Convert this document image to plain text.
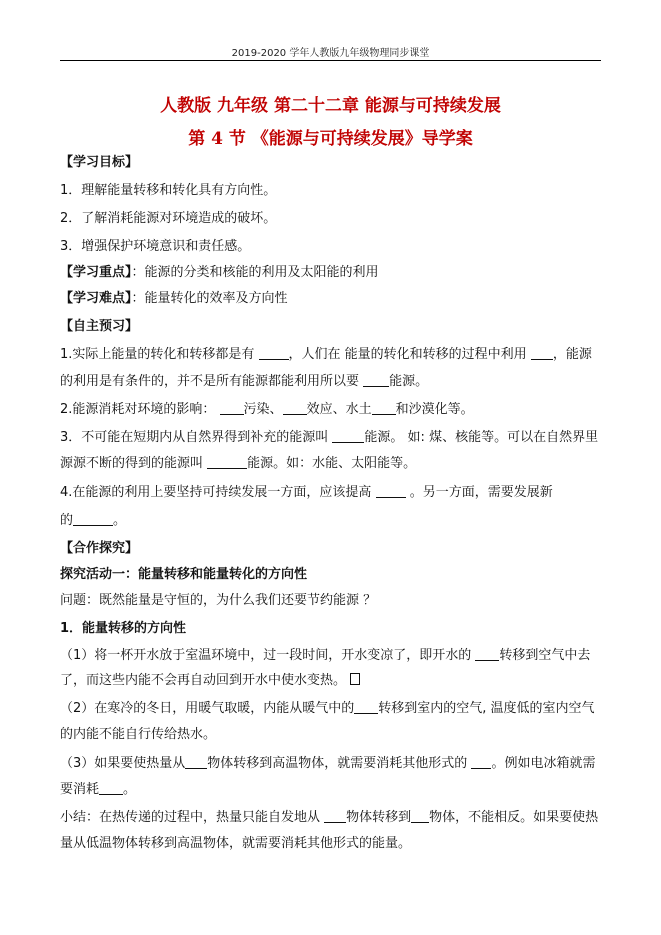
2019-2020 学年人教版九年级物理同步课堂
人教版 九年级 第二十二章 能源与可持续发展
第 4 节 《能源与可持续发展》导学案
【学习目标】
1．理解能量转移和转化具有方向性。
2．了解消耗能源对环境造成的破坏。
3．增强保护环境意识和责任感。
【学习重点】：能源的分类和核能的利用及太阳能的利用
【学习难点】：能量转化的效率及方向性
【自主预习】
1.实际上能量的转化和转移都是有	，人们在 能量的转化和转移的过程中利用 ，能源
的利用是有条件的，并不是所有能源都能利用所以要 能源。
2.能源消耗对环境的影响： 污染、 效应、水土 和沙漠化等。
3．不可能在短期内从自然界得到补充的能源叫	能源。 如: 煤、核能等。可以在自然界里
源源不断的得到的能源叫	能源。如：水能、太阳能等。
4.在能源的利用上要坚持可持续发展一方面，应该提高	。另一方面，需要发展新
的	。
【合作探究】
探究活动一：能量转移和能量转化的方向性
问题：既然能量是守恒的，为什么我们还要节约能源 ？
1．能量转移的方向性
（1）将一杯开水放于室温环境中，过一段时间，开水变凉了，即开水的 转移到空气中去
了，而这些内能不会再自动回到开水中使水变热。
（2）在寒冷的冬日，用暖气取暖，内能从暖气中的 转移到室内的空气, 温度低的室内空气
的内能不能自行传给热水。
（3）如果要使热量从 物体转移到高温物体，就需要消耗其他形式的 。例如电冰箱就需
要消耗 。
小结：在热传递的过程中，热量只能自发地从 物体转移到 物体，不能相反。如果要使热
量从低温物体转移到高温物体，就需要消耗其他形式的能量。
